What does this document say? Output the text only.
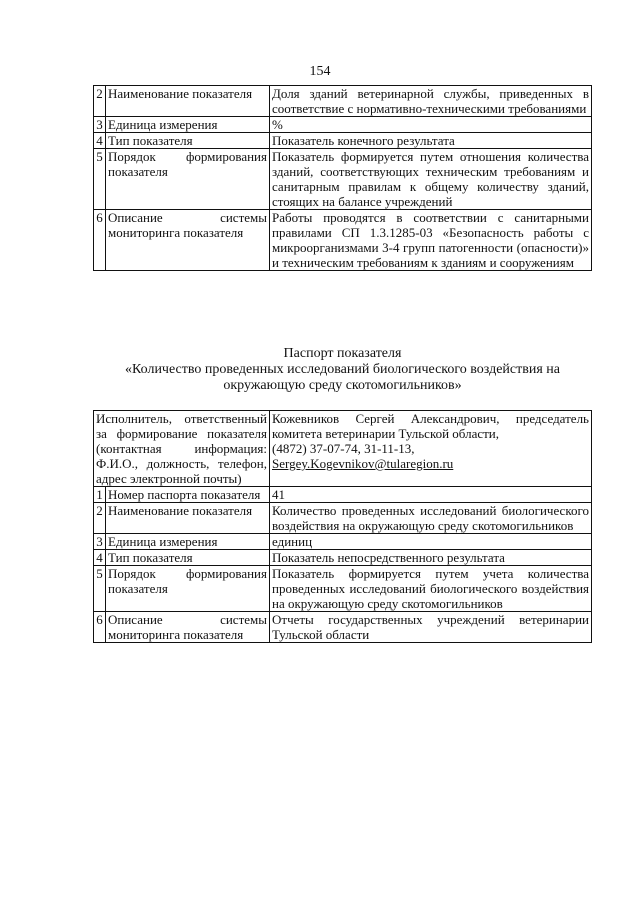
154
2	Наименование показателя	Доля зданий ветеринарной службы, приведенных в соответствие с нормативно-техническими требованиями
3	Единица измерения	%
4	Тип показателя	Показатель конечного результата
5	Порядок формирования показателя	Показатель формируется путем отношения количества зданий, соответствующих техническим требованиям и санитарным правилам к общему количеству зданий, стоящих на балансе учреждений
6	Описание системы мониторинга показателя	Работы проводятся в соответствии с санитарными правилами СП 1.3.1285-03 «Безопасность работы с микроорганизмами 3-4 групп патогенности (опасности)» и техническим требованиям к зданиям и сооружениям
Паспорт показателя
«Количество проведенных исследований биологического воздействия на
окружающую среду скотомогильников»
Исполнитель, ответственный за формирование показателя (контактная информация: Ф.И.О., должность, телефон, адрес электронной почты)		Кожевников Сергей Александрович, председатель комитета ветеринарии Тульской области,
(4872) 37-07-74, 31-11-13,
Sergey.Kogevnikov@tularegion.ru

1	Номер паспорта показателя	41
2	Наименование показателя	Количество проведенных исследований биологического воздействия на окружающую среду скотомогильников
3	Единица измерения	единиц
4	Тип показателя	Показатель непосредственного результата
5	Порядок формирования показателя	Показатель формируется путем учета количества проведенных исследований биологического воздействия на окружающую среду скотомогильников
6	Описание системы мониторинга показателя	Отчеты государственных учреждений ветеринарии Тульской области
